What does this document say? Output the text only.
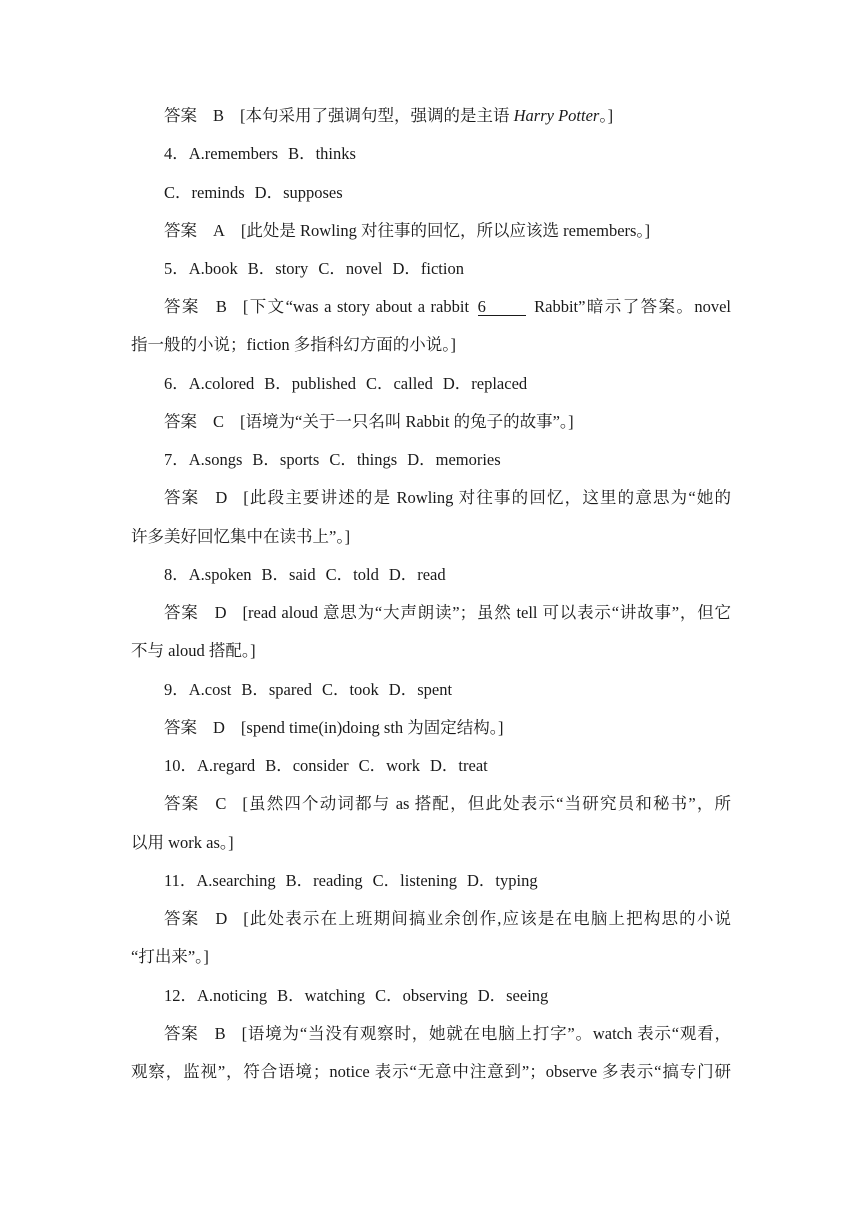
答案 B [本句采用了强调句型，强调的是主语 Harry Potter。]
4．A.remembers B．thinks
C．reminds D．supposes
答案 A [此处是 Rowling 对往事的回忆，所以应该选 remembers。]
5．A.book B．story C．novel D．fiction
答案 B [下文“was a story about a rabbit 6	Rabbit”暗示了答案。novel
指一般的小说；fiction 多指科幻方面的小说。]
6．A.colored B．published C．called D．replaced
答案 C [语境为“关于一只名叫 Rabbit 的兔子的故事”。]
7．A.songs B．sports C．things D．memories
答案 D [此段主要讲述的是 Rowling 对往事的回忆，这里的意思为“她的
许多美好回忆集中在读书上”。]
8．A.spoken B．said C．told D．read
答案 D [read aloud 意思为“大声朗读”；虽然 tell 可以表示“讲故事”，但它
不与 aloud 搭配。]
9．A.cost B．spared C．took D．spent
答案 D [spend time(in)doing sth 为固定结构。]
10．A.regard B．consider C．work D．treat
答案 C [虽然四个动词都与 as 搭配，但此处表示“当研究员和秘书”，所
以用 work as。]
11．A.searching B．reading C．listening D．typing
答案 D [此处表示在上班期间搞业余创作,应该是在电脑上把构思的小说
“打出来”。]
12．A.noticing B．watching C．observing D．seeing
答案 B [语境为“当没有观察时，她就在电脑上打字”。watch 表示“观看，
观察，监视”，符合语境；notice 表示“无意中注意到”；observe 多表示“搞专门研
